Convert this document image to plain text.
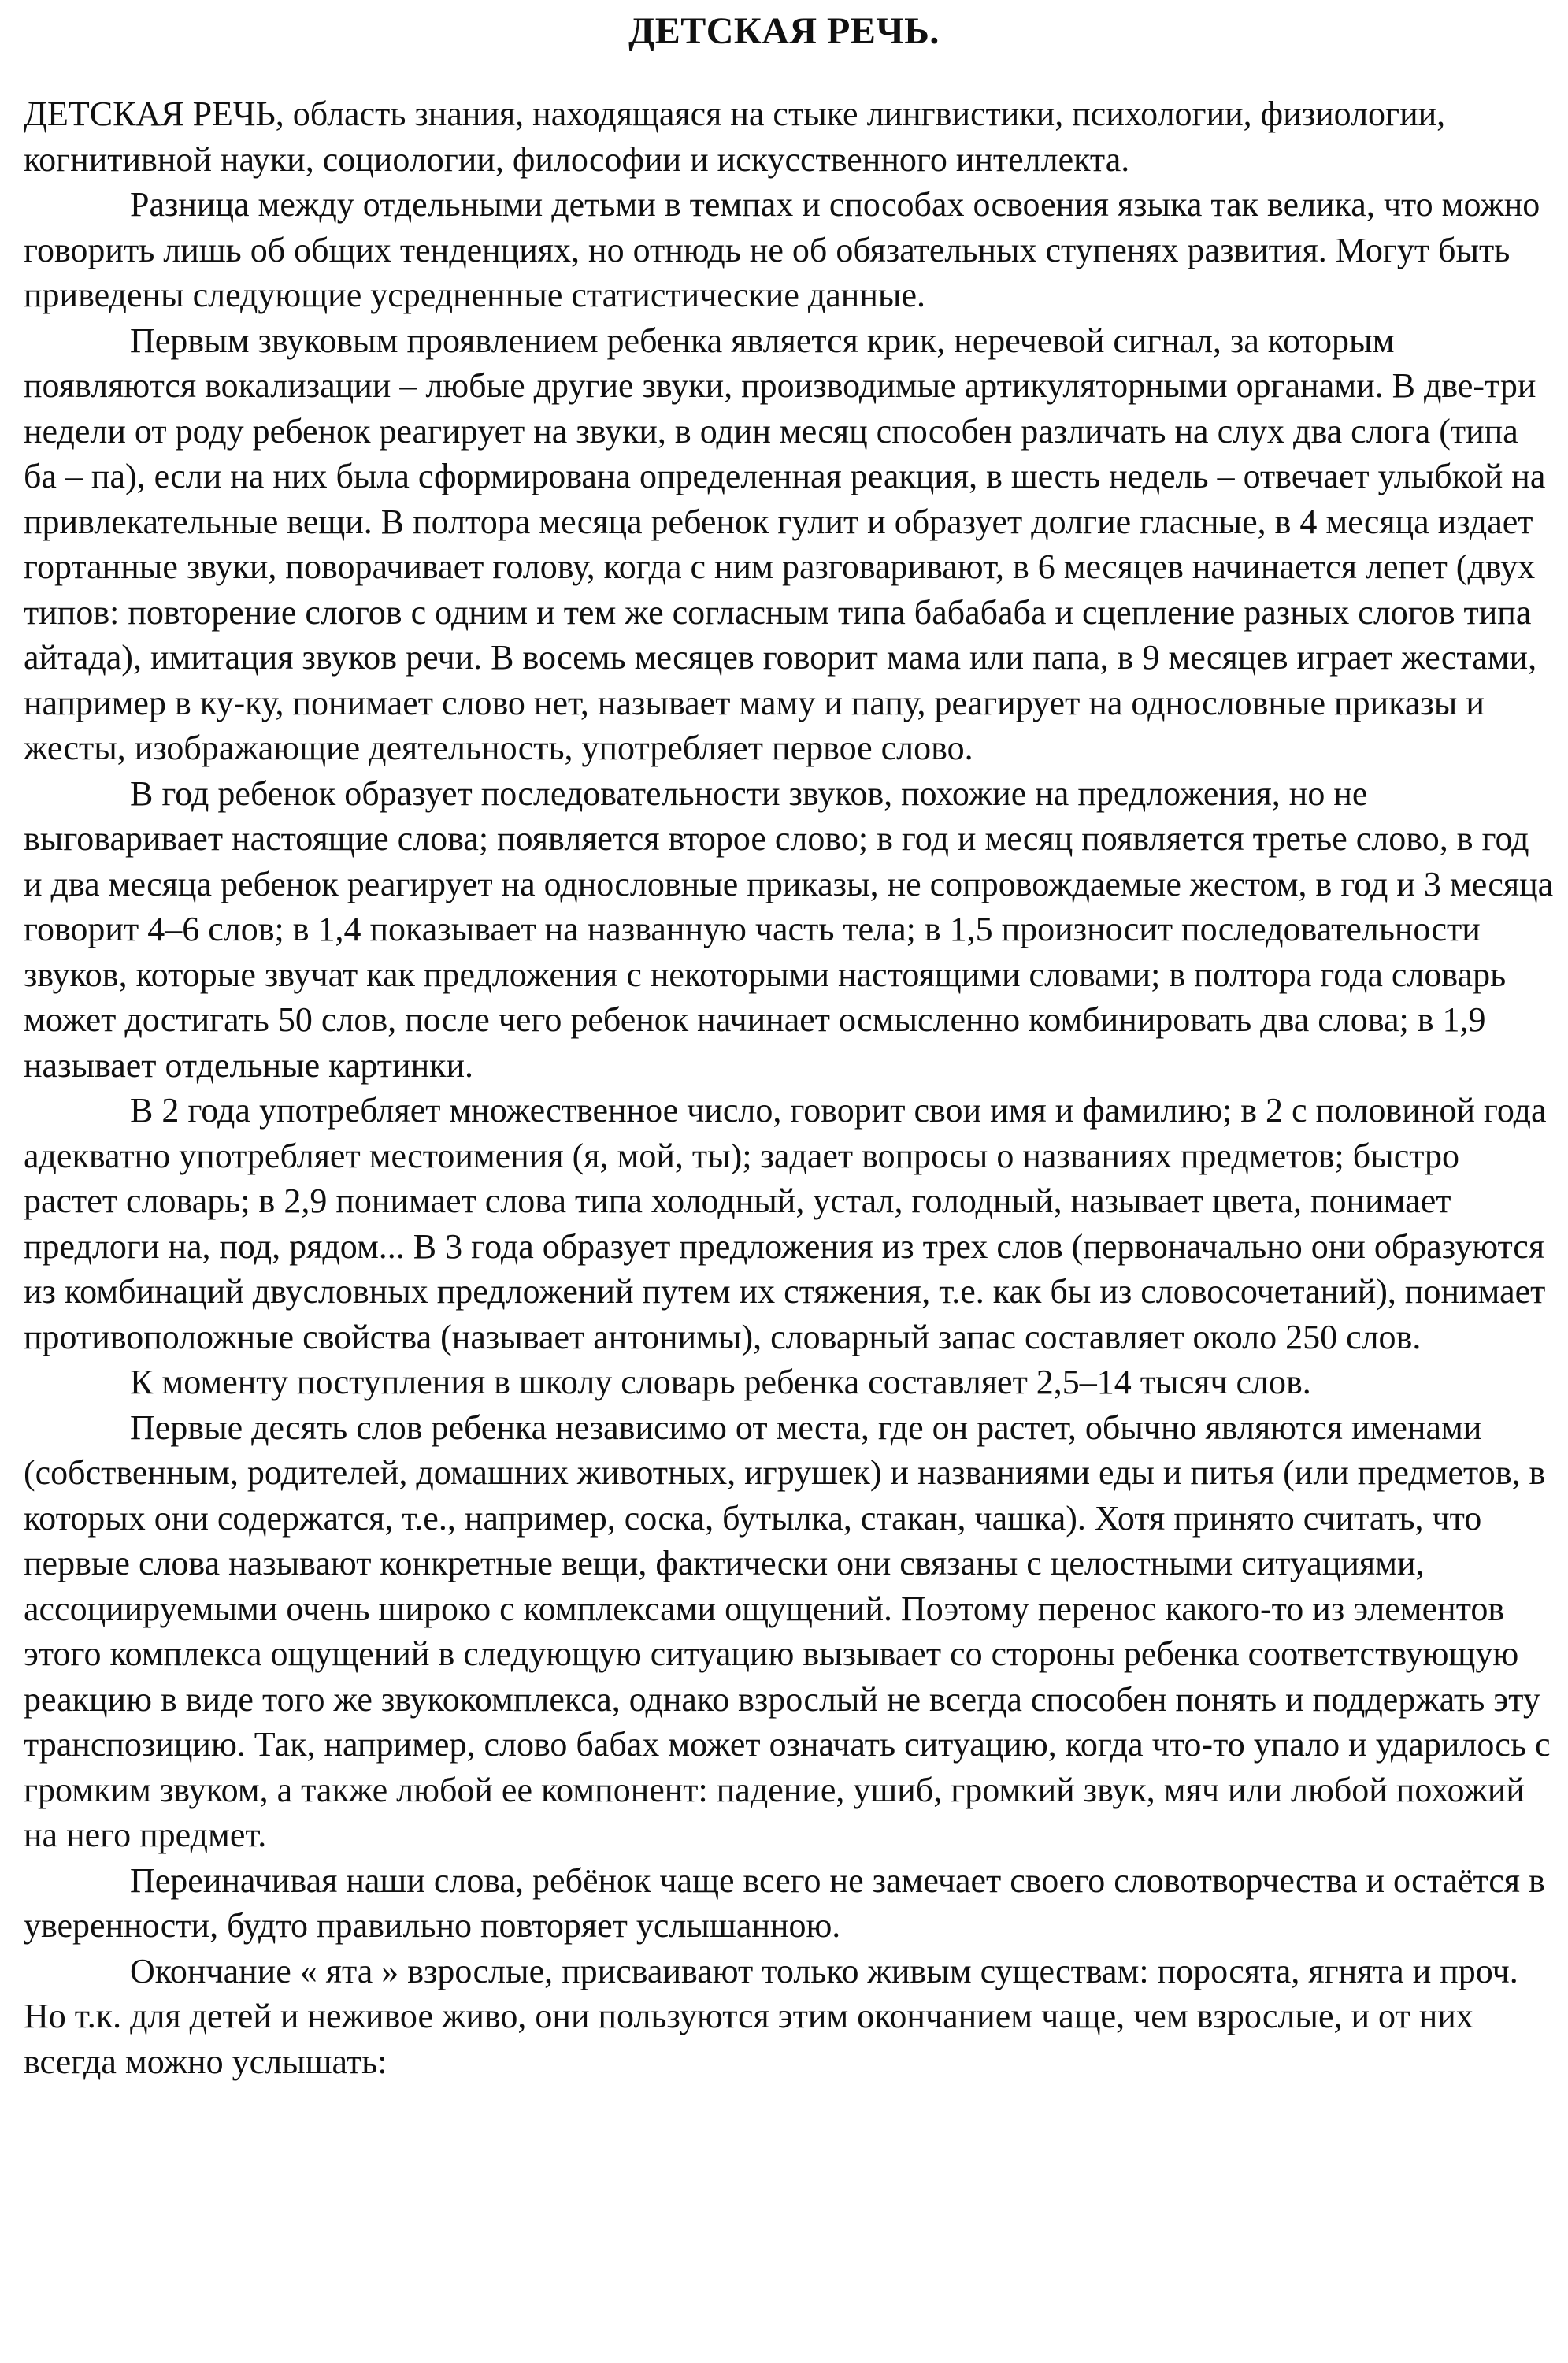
ДЕТСКАЯ РЕЧЬ.

ДЕТСКАЯ РЕЧЬ, область знания, находящаяся на стыке лингвистики, психологии, физиологии, когнитивной науки, социологии, философии и искусственного интеллекта.

Разница между отдельными детьми в темпах и способах освоения языка так велика, что можно говорить лишь об общих тенденциях, но отнюдь не об обязательных ступенях развития. Могут быть приведены следующие усредненные статистические данные.

Первым звуковым проявлением ребенка является крик, неречевой сигнал, за которым появляются вокализации – любые другие звуки, производимые артикуляторными органами. В две-три недели от роду ребенок реагирует на звуки, в один месяц способен различать на слух два слога (типа ба – па), если на них была сформирована определенная реакция, в шесть недель – отвечает улыбкой на привлекательные вещи. В полтора месяца ребенок гулит и образует долгие гласные, в 4 месяца издает гортанные звуки, поворачивает голову, когда с ним разговаривают, в 6 месяцев начинается лепет (двух типов: повторение слогов с одним и тем же согласным типа бабабаба и сцепление разных слогов типа айтада), имитация звуков речи. В восемь месяцев говорит мама или папа, в 9 месяцев играет жестами, например в ку-ку, понимает слово нет, называет маму и папу, реагирует на однословные приказы и жесты, изображающие деятельность, употребляет первое слово.

В год ребенок образует последовательности звуков, похожие на предложения, но не выговаривает настоящие слова; появляется второе слово; в год и месяц появляется третье слово, в год и два месяца ребенок реагирует на однословные приказы, не сопровождаемые жестом, в год и 3 месяца говорит 4–6 слов; в 1,4 показывает на названную часть тела; в 1,5 произносит последовательности звуков, которые звучат как предложения с некоторыми настоящими словами; в полтора года словарь может достигать 50 слов, после чего ребенок начинает осмысленно комбинировать два слова; в 1,9 называет отдельные картинки.

В 2 года употребляет множественное число, говорит свои имя и фамилию; в 2 с половиной года адекватно употребляет местоимения (я, мой, ты); задает вопросы о названиях предметов; быстро растет словарь; в 2,9 понимает слова типа холодный, устал, голодный, называет цвета, понимает предлоги на, под, рядом... В 3 года образует предложения из трех слов (первоначально они образуются из комбинаций двусловных предложений путем их стяжения, т.е. как бы из словосочетаний), понимает противоположные свойства (называет антонимы), словарный запас составляет около 250 слов.

К моменту поступления в школу словарь ребенка составляет 2,5–14 тысяч слов.

Первые десять слов ребенка независимо от места, где он растет, обычно являются именами (собственным, родителей, домашних животных, игрушек) и названиями еды и питья (или предметов, в которых они содержатся, т.е., например, соска, бутылка, стакан, чашка). Хотя принято считать, что первые слова называют конкретные вещи, фактически они связаны с целостными ситуациями, ассоциируемыми очень широко с комплексами ощущений. Поэтому перенос какого-то из элементов этого комплекса ощущений в следующую ситуацию вызывает со стороны ребенка соответствующую реакцию в виде того же звукокомплекса, однако взрослый не всегда способен понять и поддержать эту транспозицию. Так, например, слово бабах может означать ситуацию, когда что-то упало и ударилось с громким звуком, а также любой ее компонент: падение, ушиб, громкий звук, мяч или любой похожий на него предмет.

Переиначивая наши слова, ребёнок чаще всего не замечает своего словотворчества и остаётся в уверенности, будто правильно повторяет услышанною.

Окончание « ята » взрослые, присваивают только живым существам: поросята, ягнята и проч. Но т.к. для детей и неживое живо, они пользуются этим окончанием чаще, чем взрослые, и от них всегда можно услышать:
